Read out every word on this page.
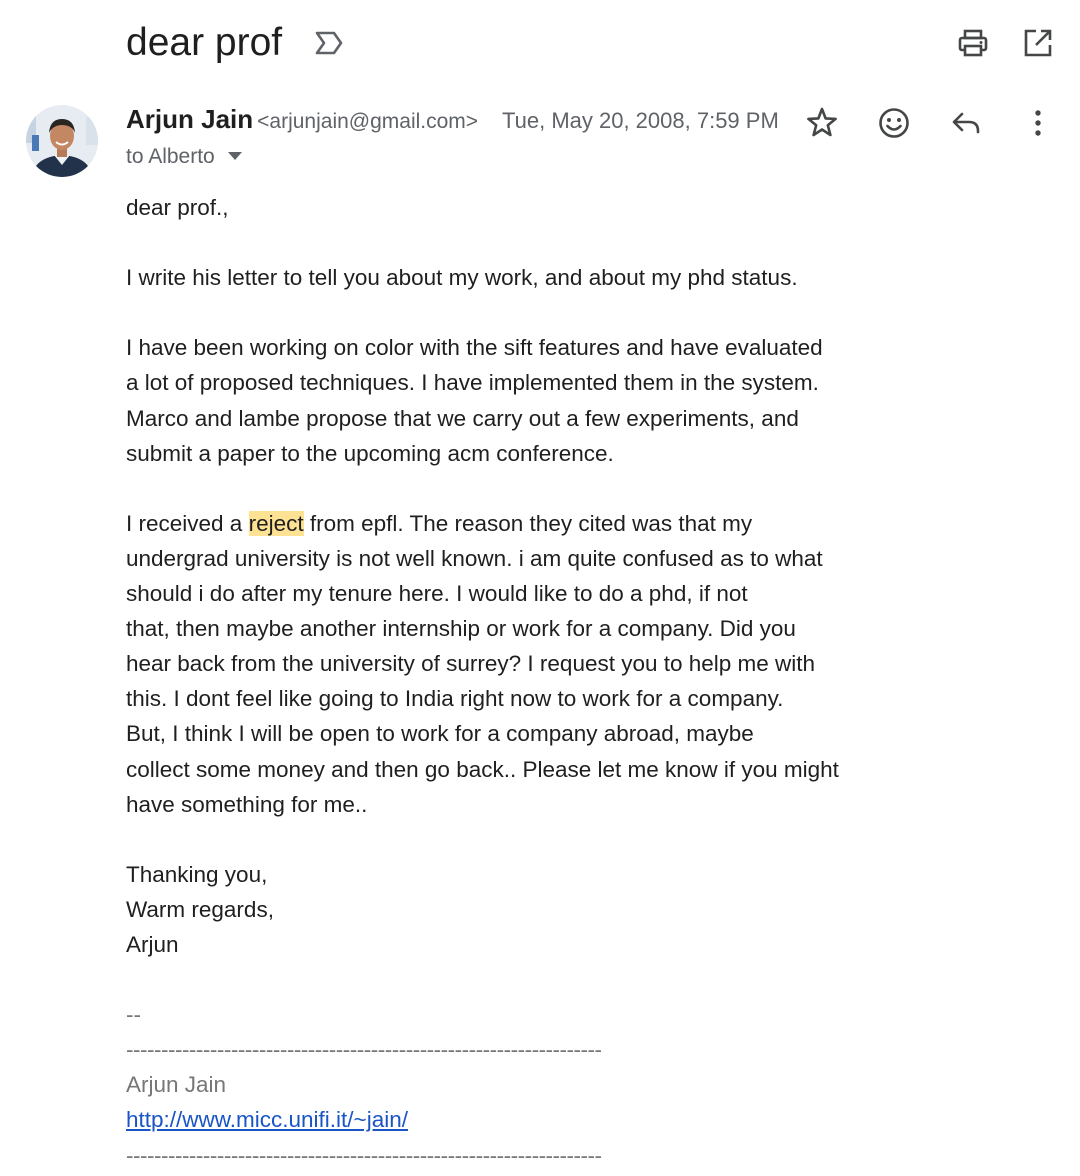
dear prof
Arjun Jain <arjunjain@gmail.com> Tue, May 20, 2008, 7:59 PM
to Alberto

dear prof.,

I write his letter to tell you about my work, and about my phd status.

I have been working on color with the sift features and have evaluated

a lot of proposed techniques. I have implemented them in the system.

Marco and lambe propose that we carry out a few experiments, and

submit a paper to the upcoming acm conference.

I received a reject from epfl. The reason they cited was that my

undergrad university is not well known. i am quite confused as to what

should i do after my tenure here. I would like to do a phd, if not

that, then maybe another internship or work for a company. Did you

hear back from the university of surrey? I request you to help me with

this. I dont feel like going to India right now to work for a company.

But, I think I will be open to work for a company abroad, maybe

collect some money and then go back.. Please let me know if you might

have something for me..

Thanking you,

Warm regards,

Arjun

--

--------------------------------------------------------------------

Arjun Jain

http://www.micc.unifi.it/~jain/

--------------------------------------------------------------------
